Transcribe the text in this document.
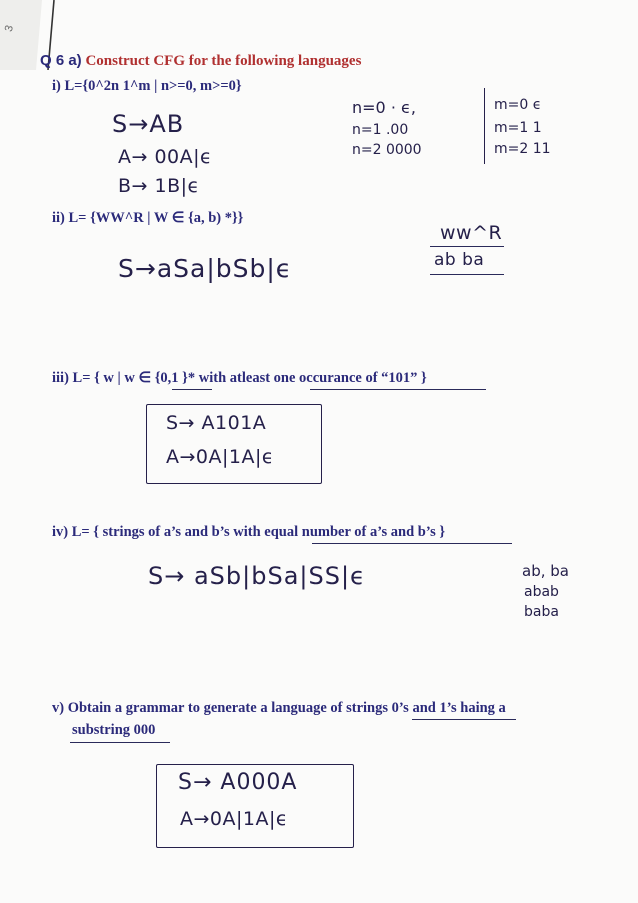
3
Q 6 a) Construct CFG for the following languages
i) L={0^2n 1^m | n>=0, m>=0}
S→AB
A→ 00A|ϵ
B→ 1B|ϵ
n=0 · ϵ,
n=1 .00
n=2 0000
m=0 ϵ
m=1 1
m=2 11
ii) L= {WW^R | W ∈ {a, b) *}}
S→aSa|bSb|ϵ
ww^R
ab ba

iii) L= { w | w ∈ {0,1 }* with atleast one occurance of “101” }
S→ A101A
A→0A|1A|ϵ
iv) L= { strings of a’s and b’s with equal number of a’s and b’s }
S→ aSb|bSa|SS|ϵ	ab, ba
abab
baba
v) Obtain a grammar to generate a language of strings 0’s and 1’s haing a
substring 000
S→ A000A
A→0A|1A|ϵ
